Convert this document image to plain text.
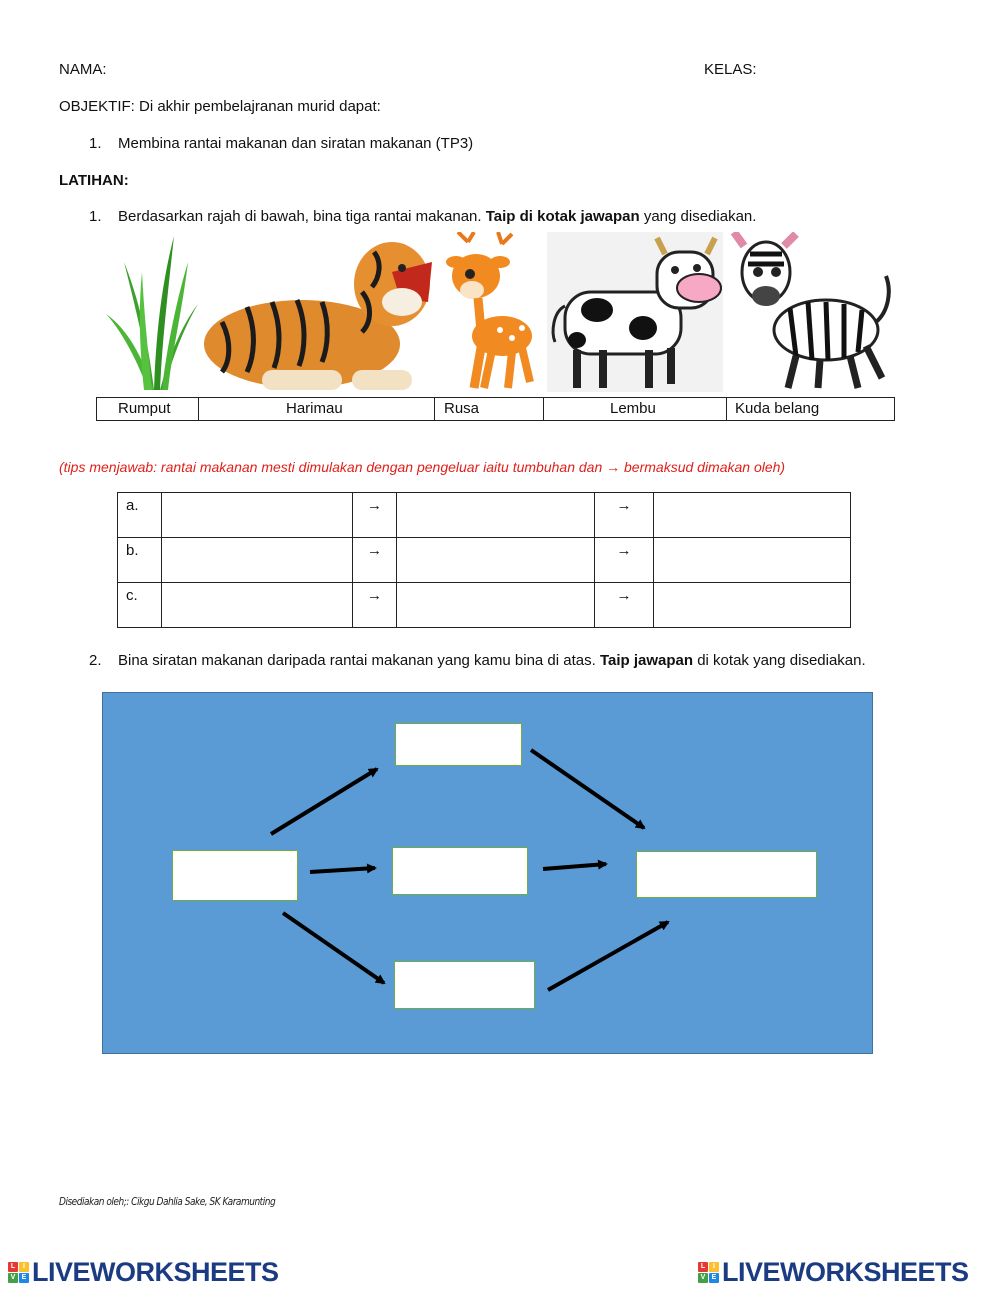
NAMA:	KELAS:
OBJEKTIF: Di akhir pembelajranan murid dapat:
1. Membina rantai makanan dan siratan makanan (TP3)
LATIHAN:
1. Berdasarkan rajah di bawah, bina tiga rantai makanan. Taip di kotak jawapan yang disediakan.
Rumput	Harimau	Rusa	Lembu	Kuda belang
(tips menjawab: rantai makanan mesti dimulakan dengan pengeluar iaitu tumbuhan dan → bermaksud dimakan oleh)
a.		→		→	
b.		→		→	
c.		→		→	
2. Bina siratan makanan daripada rantai makanan yang kamu bina di atas. Taip jawapan di kotak yang disediakan.
Disediakan oleh;: Cikgu Dahlia Sake, SK Karamunting
L	I
V E LIVEWORKSHEETS	L	I
V E LIVEWORKSHEETS
